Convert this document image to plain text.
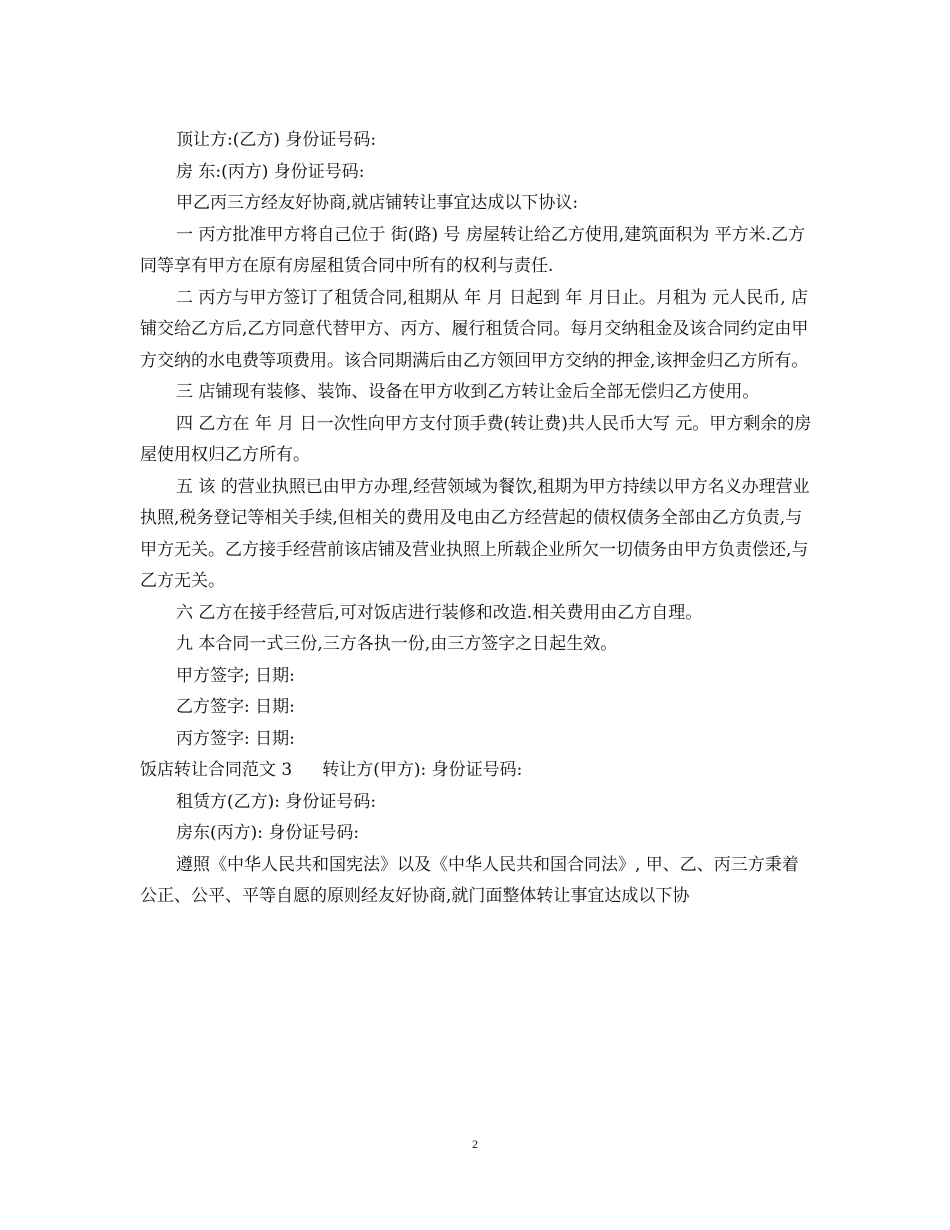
顶让方:(乙方) 身份证号码:

房 东:(丙方) 身份证号码:

甲乙丙三方经友好协商,就店铺转让事宜达成以下协议:

一 丙方批准甲方将自己位于 街(路) 号 房屋转让给乙方使用,建筑面积为 平方米.乙方同等享有甲方在原有房屋租赁合同中所有的权利与责任.

二 丙方与甲方签订了租赁合同,租期从 年 月 日起到 年 月日止。月租为 元人民币, 店铺交给乙方后,乙方同意代替甲方、丙方、履行租赁合同。每月交纳租金及该合同约定由甲方交纳的水电费等项费用。该合同期满后由乙方领回甲方交纳的押金,该押金归乙方所有。

三 店铺现有装修、装饰、设备在甲方收到乙方转让金后全部无偿归乙方使用。

四 乙方在 年 月 日一次性向甲方支付顶手费(转让费)共人民币大写 元。甲方剩余的房屋使用权归乙方所有。

五 该 的营业执照已由甲方办理,经营领域为餐饮,租期为甲方持续以甲方名义办理营业执照,税务登记等相关手续,但相关的费用及电由乙方经营起的债权债务全部由乙方负责,与甲方无关。乙方接手经营前该店铺及营业执照上所载企业所欠一切债务由甲方负责偿还,与乙方无关。

六 乙方在接手经营后,可对饭店进行装修和改造.相关费用由乙方自理。

九 本合同一式三份,三方各执一份,由三方签字之日起生效。

甲方签字; 日期:

乙方签字: 日期:

丙方签字: 日期:

饭店转让合同范文 3 转让方(甲方): 身份证号码:

租赁方(乙方): 身份证号码:

房东(丙方): 身份证号码:

遵照《中华人民共和国宪法》以及《中华人民共和国合同法》, 甲、乙、丙三方秉着公正、公平、平等自愿的原则经友好协商,就门面整体转让事宜达成以下协

2
